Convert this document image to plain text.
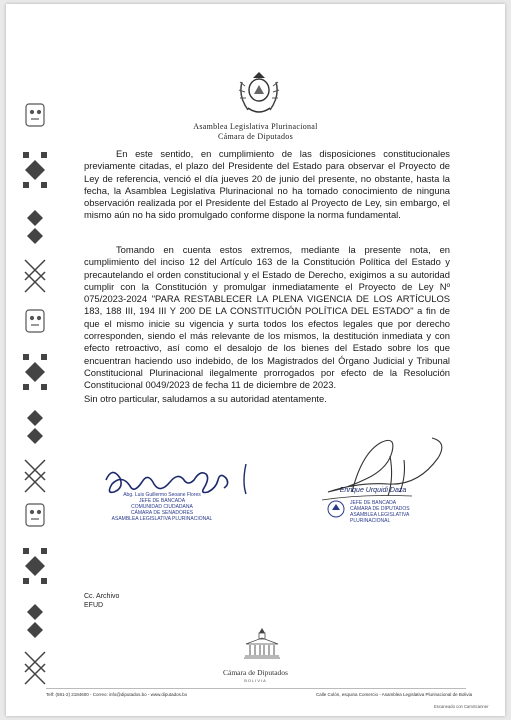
Asamblea Legislativa Plurinacional
Cámara de Diputados

En este sentido, en cumplimiento de las disposiciones constitucionales previamente citadas, el plazo del Presidente del Estado para observar el Proyecto de Ley de referencia, venció el día jueves 20 de junio del presente, no obstante, hasta la fecha, la Asamblea Legislativa Plurinacional no ha tomado conocimiento de ninguna observación realizada por el Presidente del Estado al Proyecto de Ley, sin embargo, el mismo aún no ha sido promulgado conforme dispone la norma fundamental.

Tomando en cuenta estos extremos, mediante la presente nota, en cumplimiento del inciso 12 del Artículo 163 de la Constitución Política del Estado y precautelando el orden constitucional y el Estado de Derecho, exigimos a su autoridad cumplir con la Constitución y promulgar inmediatamente el Proyecto de Ley Nº 075/2023-2024 "PARA RESTABLECER LA PLENA VIGENCIA DE LOS ARTÍCULOS 183, 188 III, 194 III Y 200 DE LA CONSTITUCIÓN POLÍTICA DEL ESTADO" a fin de que el mismo inicie su vigencia y surta todos los efectos legales que por derecho corresponden, siendo el más relevante de los mismos, la destitución inmediata y con efecto retroactivo, así como el desalojo de los bienes del Estado sobre los que encuentran haciendo uso indebido, de los Magistrados del Órgano Judicial y Tribunal Constitucional Plurinacional ilegalmente prorrogados por efecto de la Resolución Constitucional 0049/2023 de fecha 11 de diciembre de 2023.

Sin otro particular, saludamos a su autoridad atentamente.

Abg. Luis Guillermo Seoane Flores
JEFE DE BANCADA
COMUNIDAD CIUDADANA
CÁMARA DE SENADORES
ASAMBLEA LEGISLATIVA PLURINACIONAL
Enrique Urquidi Daza
JEFE DE BANCADA
CÁMARA DE DIPUTADOS
ASAMBLEA LEGISLATIVA PLURINACIONAL
Cc. Archivo
EFUD
Cámara de Diputados
BOLIVIA
Telf: (591-2) 2184600 - Correo: info@diputados.bo - www.diputados.bo	Calle Colón, esquina Comercio - Asamblea Legislativa Plurinacional de Bolivia
Escaneado con CamScanner
